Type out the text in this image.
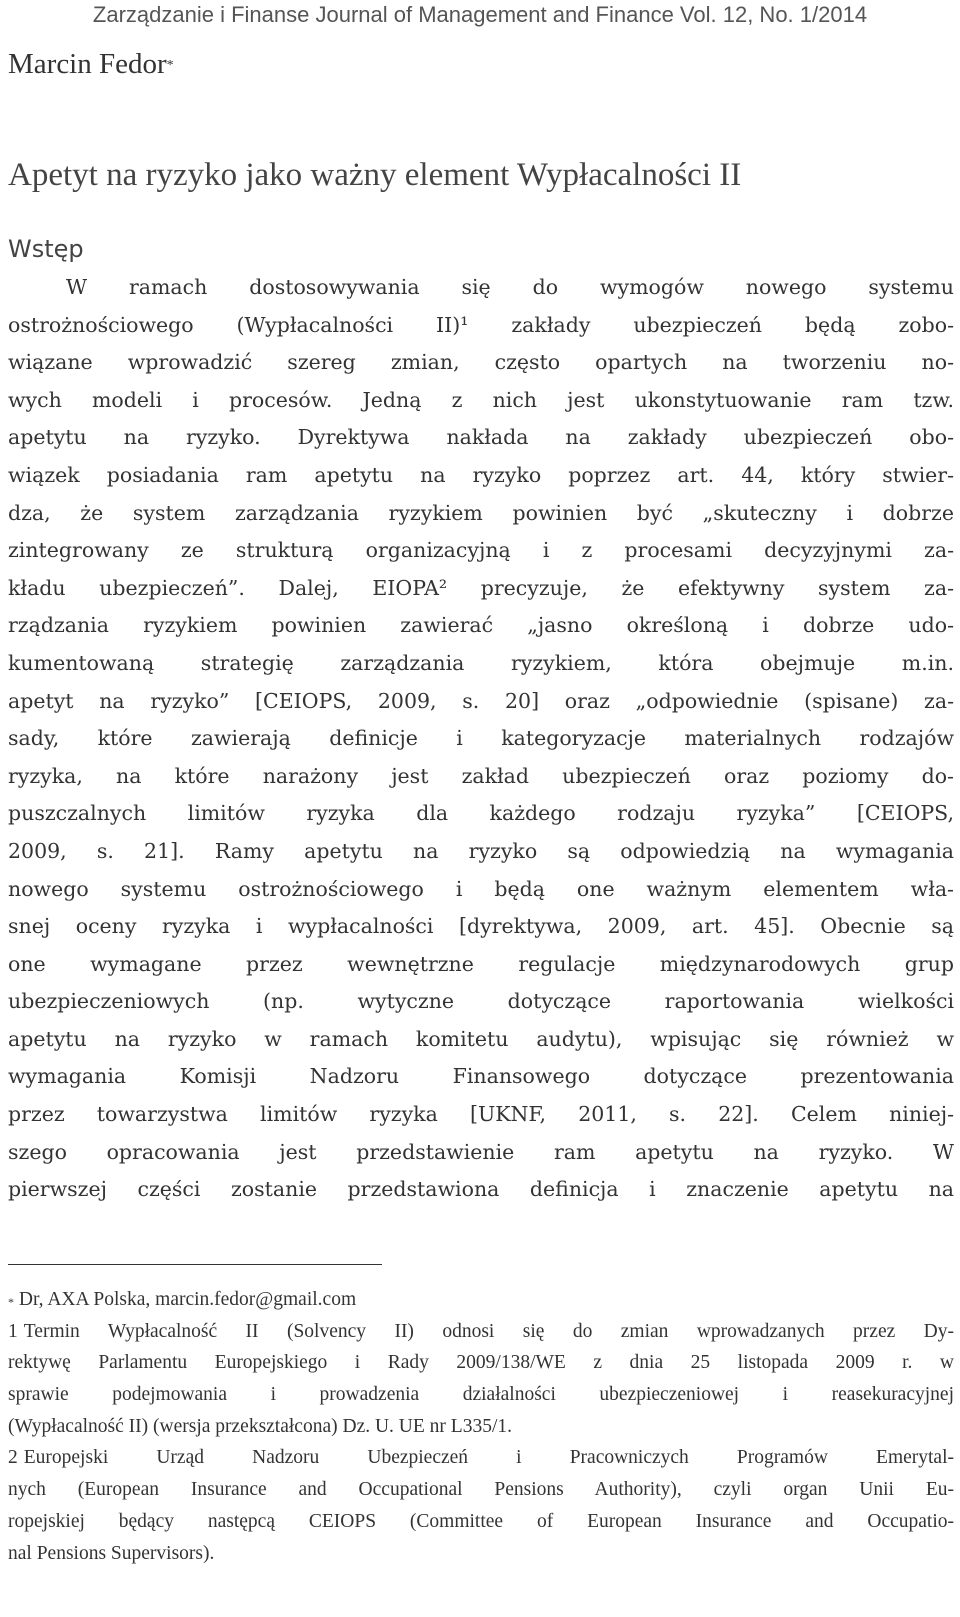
Zarządzanie i Finanse Journal of Management and Finance Vol. 12, No. 1/2014
Marcin Fedor*
Apetyt na ryzyko jako ważny element Wypłacalności II
Wstęp
W ramach dostosowywania się do wymogów nowego systemu
ostrożnościowego (Wypłacalności II)¹ zakłady ubezpieczeń będą zobo-
wiązane wprowadzić szereg zmian, często opartych na tworzeniu no-
wych modeli i procesów. Jedną z nich jest ukonstytuowanie ram tzw.
apetytu na ryzyko. Dyrektywa nakłada na zakłady ubezpieczeń obo-
wiązek posiadania ram apetytu na ryzyko poprzez art. 44, który stwier-
dza, że system zarządzania ryzykiem powinien być „skuteczny i dobrze
zintegrowany ze strukturą organizacyjną i z procesami decyzyjnymi za-
kładu ubezpieczeń”. Dalej, EIOPA² precyzuje, że efektywny system za-
rządzania ryzykiem powinien zawierać „jasno określoną i dobrze udo-
kumentowaną strategię zarządzania ryzykiem, która obejmuje m.in.
apetyt na ryzyko” [CEIOPS, 2009, s. 20] oraz „odpowiednie (spisane) za-
sady, które zawierają definicje i kategoryzacje materialnych rodzajów
ryzyka, na które narażony jest zakład ubezpieczeń oraz poziomy do-
puszczalnych limitów ryzyka dla każdego rodzaju ryzyka” [CEIOPS,
2009, s. 21]. Ramy apetytu na ryzyko są odpowiedzią na wymagania
nowego systemu ostrożnościowego i będą one ważnym elementem wła-
snej oceny ryzyka i wypłacalności [dyrektywa, 2009, art. 45]. Obecnie są
one wymagane przez wewnętrzne regulacje międzynarodowych grup
ubezpieczeniowych (np. wytyczne dotyczące raportowania wielkości
apetytu na ryzyko w ramach komitetu audytu), wpisując się również w
wymagania Komisji Nadzoru Finansowego dotyczące prezentowania
przez towarzystwa limitów ryzyka [UKNF, 2011, s. 22]. Celem niniej-
szego opracowania jest przedstawienie ram apetytu na ryzyko. W
pierwszej części zostanie przedstawiona definicja i znaczenie apetytu na
* Dr, AXA Polska, marcin.fedor@gmail.com
1 Termin Wypłacalność II (Solvency II) odnosi się do zmian wprowadzanych przez Dy-
rektywę Parlamentu Europejskiego i Rady 2009/138/WE z dnia 25 listopada 2009 r. w
sprawie podejmowania i prowadzenia działalności ubezpieczeniowej i reasekuracyjnej
(Wypłacalność II) (wersja przekształcona) Dz. U. UE nr L335/1.
2 Europejski Urząd Nadzoru Ubezpieczeń i Pracowniczych Programów Emerytal-
nych (European Insurance and Occupational Pensions Authority), czyli organ Unii Eu-
ropejskiej będący następcą CEIOPS (Committee of European Insurance and Occupatio-
nal Pensions Supervisors).
